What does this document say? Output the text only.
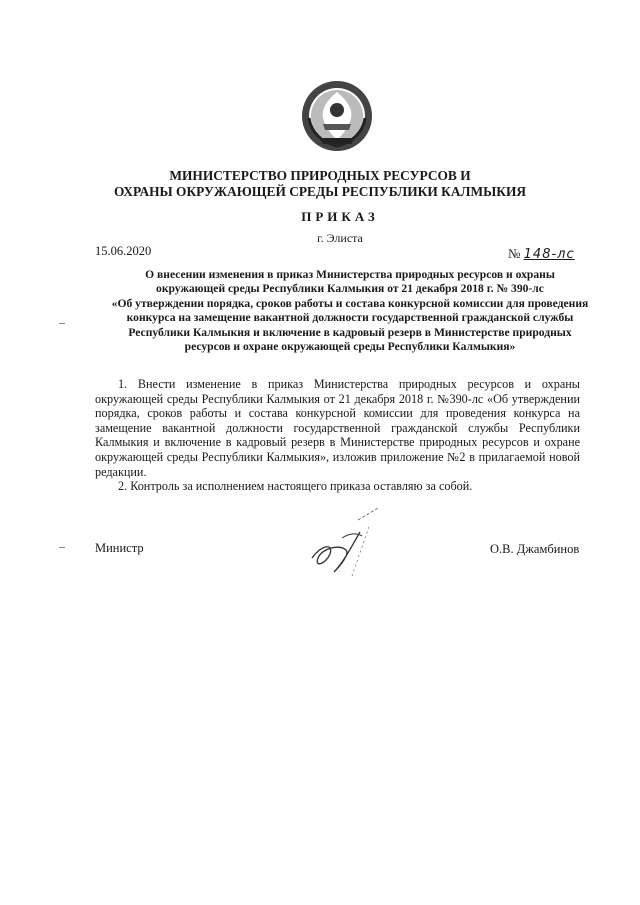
МИНИСТЕРСТВО ПРИРОДНЫХ РЕСУРСОВ И
ОХРАНЫ ОКРУЖАЮЩЕЙ СРЕДЫ РЕСПУБЛИКИ КАЛМЫКИЯ
ПРИКАЗ
г. Элиста
15.06.2020	№ 148-лс
О внесении изменения в приказ Министерства природных ресурсов и охраны
окружающей среды Республики Калмыкия от 21 декабря 2018 г. № 390-лс
«Об утверждении порядка, сроков работы и состава конкурсной комиссии для проведения
конкурса на замещение вакантной должности государственной гражданской службы
Республики Калмыкия и включение в кадровый резерв в Министерстве природных
ресурсов и охране окружающей среды Республики Калмыкия»

1. Внести изменение в приказ Министерства природных ресурсов и охраны окружающей среды Республики Калмыкия от 21 декабря 2018 г. №390-лс «Об утверждении порядка, сроков работы и состава конкурсной комиссии для проведения конкурса на замещение вакантной должности государственной гражданской службы Республики Калмыкия и включение в кадровый резерв в Министерстве природных ресурсов и охране окружающей среды Республики Калмыкия», изложив приложение №2 в прилагаемой новой редакции.

2. Контроль за исполнением настоящего приказа оставляю за собой.

Министр	О.В. Джамбинов
